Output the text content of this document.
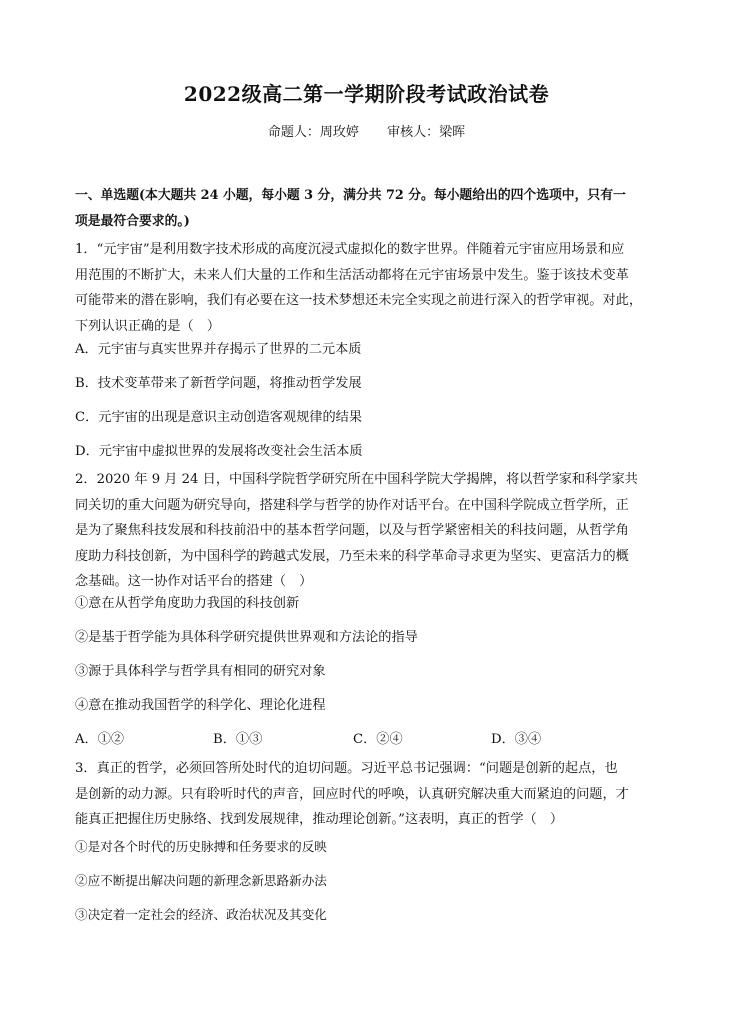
2022级高二第一学期阶段考试政治试卷
命题人：周玫婷 审核人：梁晖
一、单选题(本大题共 24 小题，每小题 3 分，满分共 72 分。每小题给出的四个选项中，只有一
项是最符合要求的。)
1．“元宇宙”是利用数字技术形成的高度沉浸式虚拟化的数字世界。伴随着元宇宙应用场景和应
用范围的不断扩大，未来人们大量的工作和生活活动都将在元宇宙场景中发生。鉴于该技术变革
可能带来的潜在影响，我们有必要在这一技术梦想还未完全实现之前进行深入的哲学审视。对此，
下列认识正确的是（　）
A．元宇宙与真实世界并存揭示了世界的二元本质
B．技术变革带来了新哲学问题，将推动哲学发展
C．元宇宙的出现是意识主动创造客观规律的结果
D．元宇宙中虚拟世界的发展将改变社会生活本质
2．2020 年 9 月 24 日，中国科学院哲学研究所在中国科学院大学揭牌，将以哲学家和科学家共
同关切的重大问题为研究导向，搭建科学与哲学的协作对话平台。在中国科学院成立哲学所，正
是为了聚焦科技发展和科技前沿中的基本哲学问题，以及与哲学紧密相关的科技问题，从哲学角
度助力科技创新，为中国科学的跨越式发展，乃至未来的科学革命寻求更为坚实、更富活力的概
念基础。这一协作对话平台的搭建（　）
①意在从哲学角度助力我国的科技创新
②是基于哲学能为具体科学研究提供世界观和方法论的指导
③源于具体科学与哲学具有相同的研究对象
④意在推动我国哲学的科学化、理论化进程
A．①②	B．①③	C．②④	D．③④
3．真正的哲学，必须回答所处时代的迫切问题。习近平总书记强调：“问题是创新的起点，也
是创新的动力源。只有聆听时代的声音，回应时代的呼唤，认真研究解决重大而紧迫的问题，才
能真正把握住历史脉络、找到发展规律，推动理论创新。”这表明，真正的哲学（　）
①是对各个时代的历史脉搏和任务要求的反映
②应不断提出解决问题的新理念新思路新办法
③决定着一定社会的经济、政治状况及其变化
